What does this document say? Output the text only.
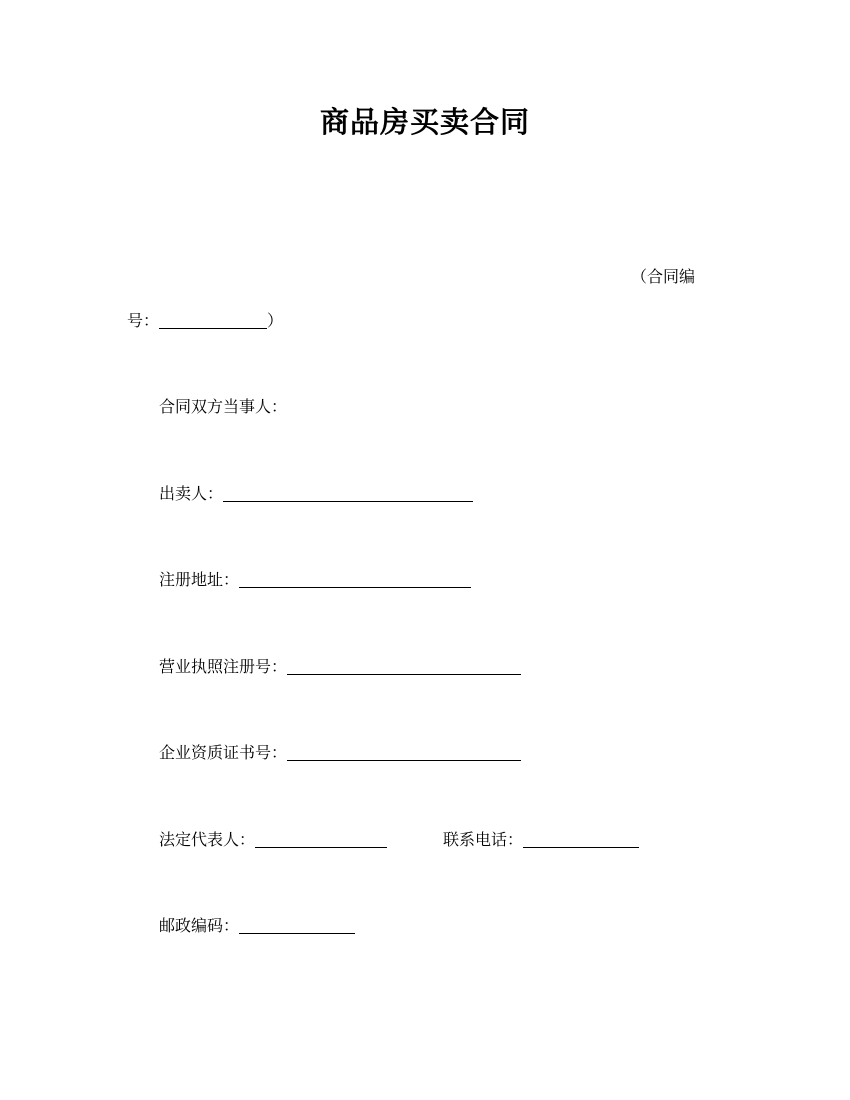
商品房买卖合同
（合同编
号：	）
合同双方当事人：
出卖人：
注册地址：
营业执照注册号：
企业资质证书号：
法定代表人：	联系电话：
邮政编码：
